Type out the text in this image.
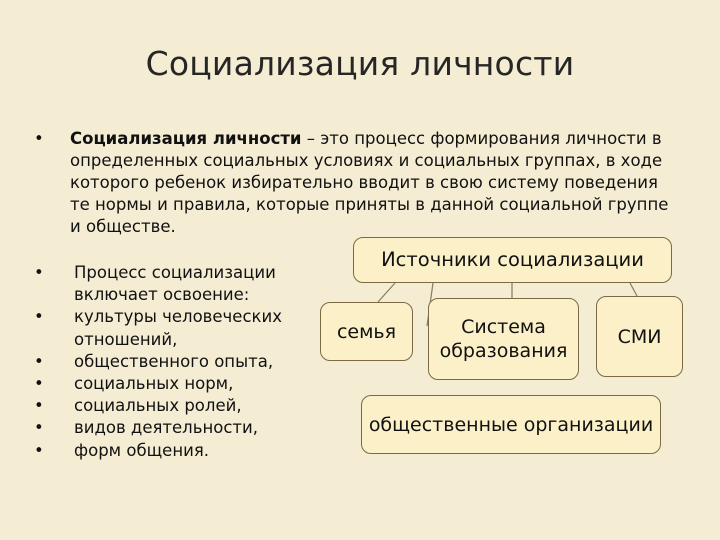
Социализация личности
• Социализация личности – это процесс формирования личности в определенных социальных условиях и социальных группах, в ходе которого ребенок избирательно вводит в свою систему поведения те нормы и правила, которые приняты в данной социальной группе и обществе.
• Процесс социализации включает освоение:
• культуры человеческих отношений,
• общественного опыта,
• социальных норм,
• социальных ролей,
• видов деятельности,
• форм общения.
Источники социализации
семья	Система образования
СМИ
общественные организации
